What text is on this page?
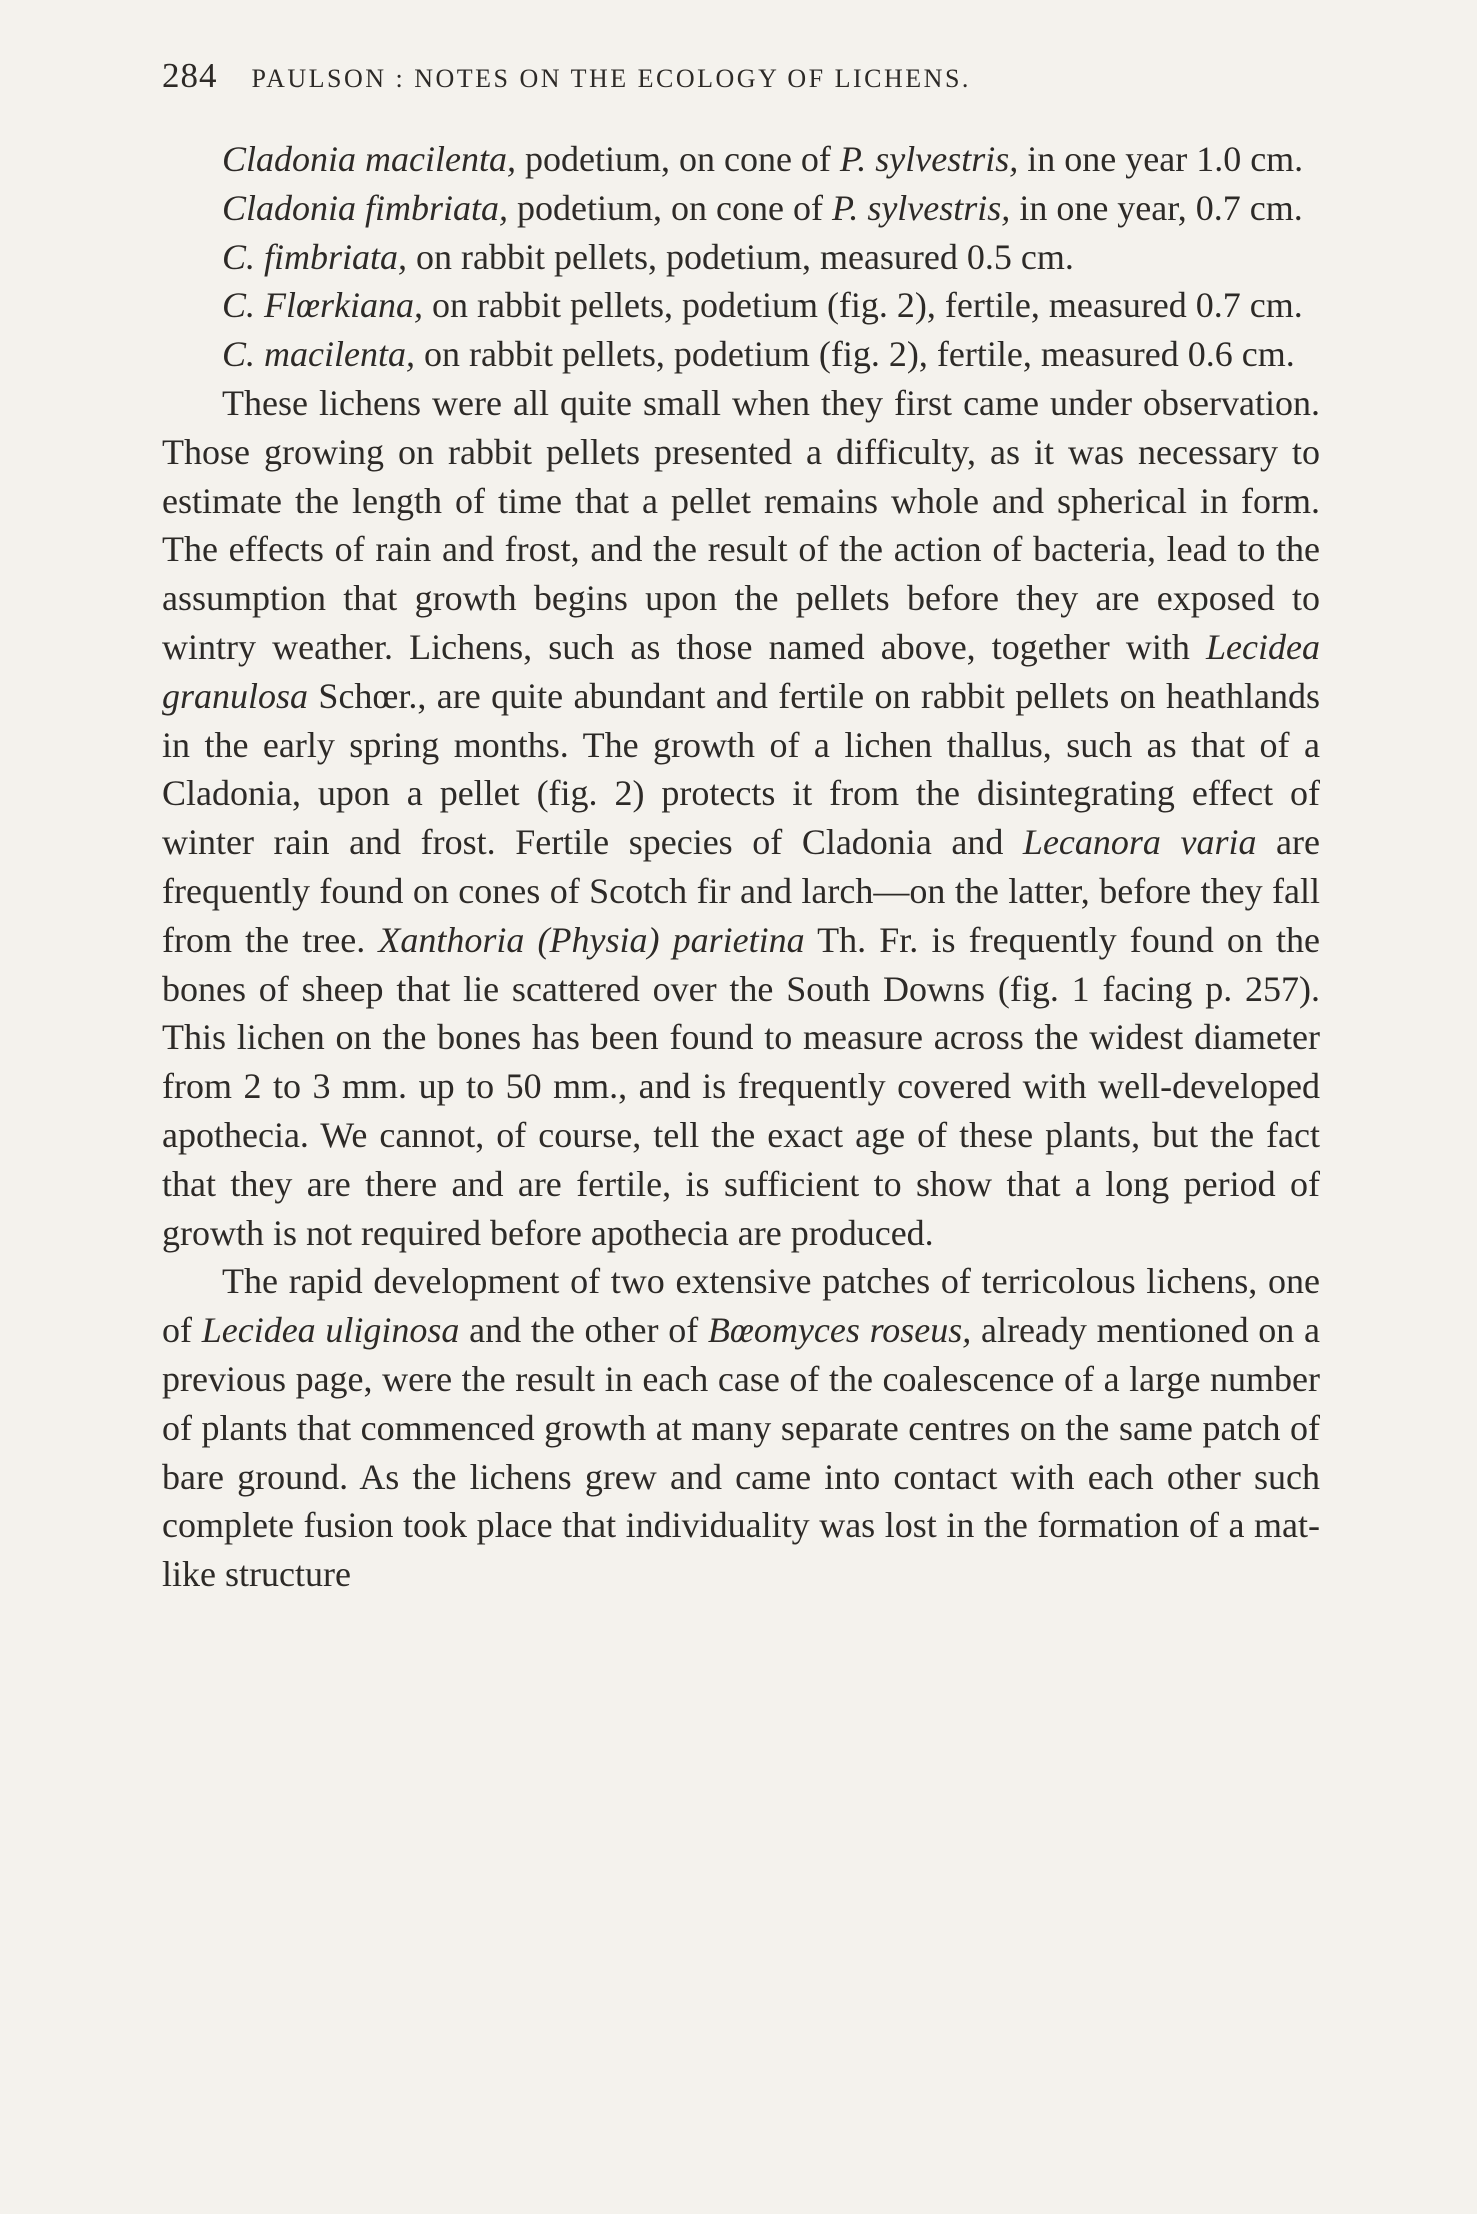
284 PAULSON : NOTES ON THE ECOLOGY OF LICHENS.

Cladonia macilenta, podetium, on cone of P. sylvestris, in one year 1.0 cm.

Cladonia fimbriata, podetium, on cone of P. sylvestris, in one year, 0.7 cm.

C. fimbriata, on rabbit pellets, podetium, measured 0.5 cm.

C. Flœrkiana, on rabbit pellets, podetium (fig. 2), fertile, measured 0.7 cm.

C. macilenta, on rabbit pellets, podetium (fig. 2), fertile, measured 0.6 cm.

These lichens were all quite small when they first came under observation. Those growing on rabbit pellets presented a difficulty, as it was necessary to estimate the length of time that a pellet remains whole and spherical in form. The effects of rain and frost, and the result of the action of bacteria, lead to the assumption that growth begins upon the pellets before they are exposed to wintry weather. Lichens, such as those named above, together with Lecidea granulosa Schœr., are quite abundant and fertile on rabbit pellets on heathlands in the early spring months. The growth of a lichen thallus, such as that of a Cladonia, upon a pellet (fig. 2) protects it from the disintegrating effect of winter rain and frost. Fertile species of Cladonia and Lecanora varia are frequently found on cones of Scotch fir and larch—on the latter, before they fall from the tree. Xanthoria (Physia) parietina Th. Fr. is frequently found on the bones of sheep that lie scattered over the South Downs (fig. 1 facing p. 257). This lichen on the bones has been found to measure across the widest diameter from 2 to 3 mm. up to 50 mm., and is frequently covered with well-developed apothecia. We cannot, of course, tell the exact age of these plants, but the fact that they are there and are fertile, is sufficient to show that a long period of growth is not required before apothecia are produced.

The rapid development of two extensive patches of terricolous lichens, one of Lecidea uliginosa and the other of Bœomyces roseus, already mentioned on a previous page, were the result in each case of the coalescence of a large number of plants that commenced growth at many separate centres on the same patch of bare ground. As the lichens grew and came into contact with each other such complete fusion took place that individuality was lost in the formation of a mat-like structure
